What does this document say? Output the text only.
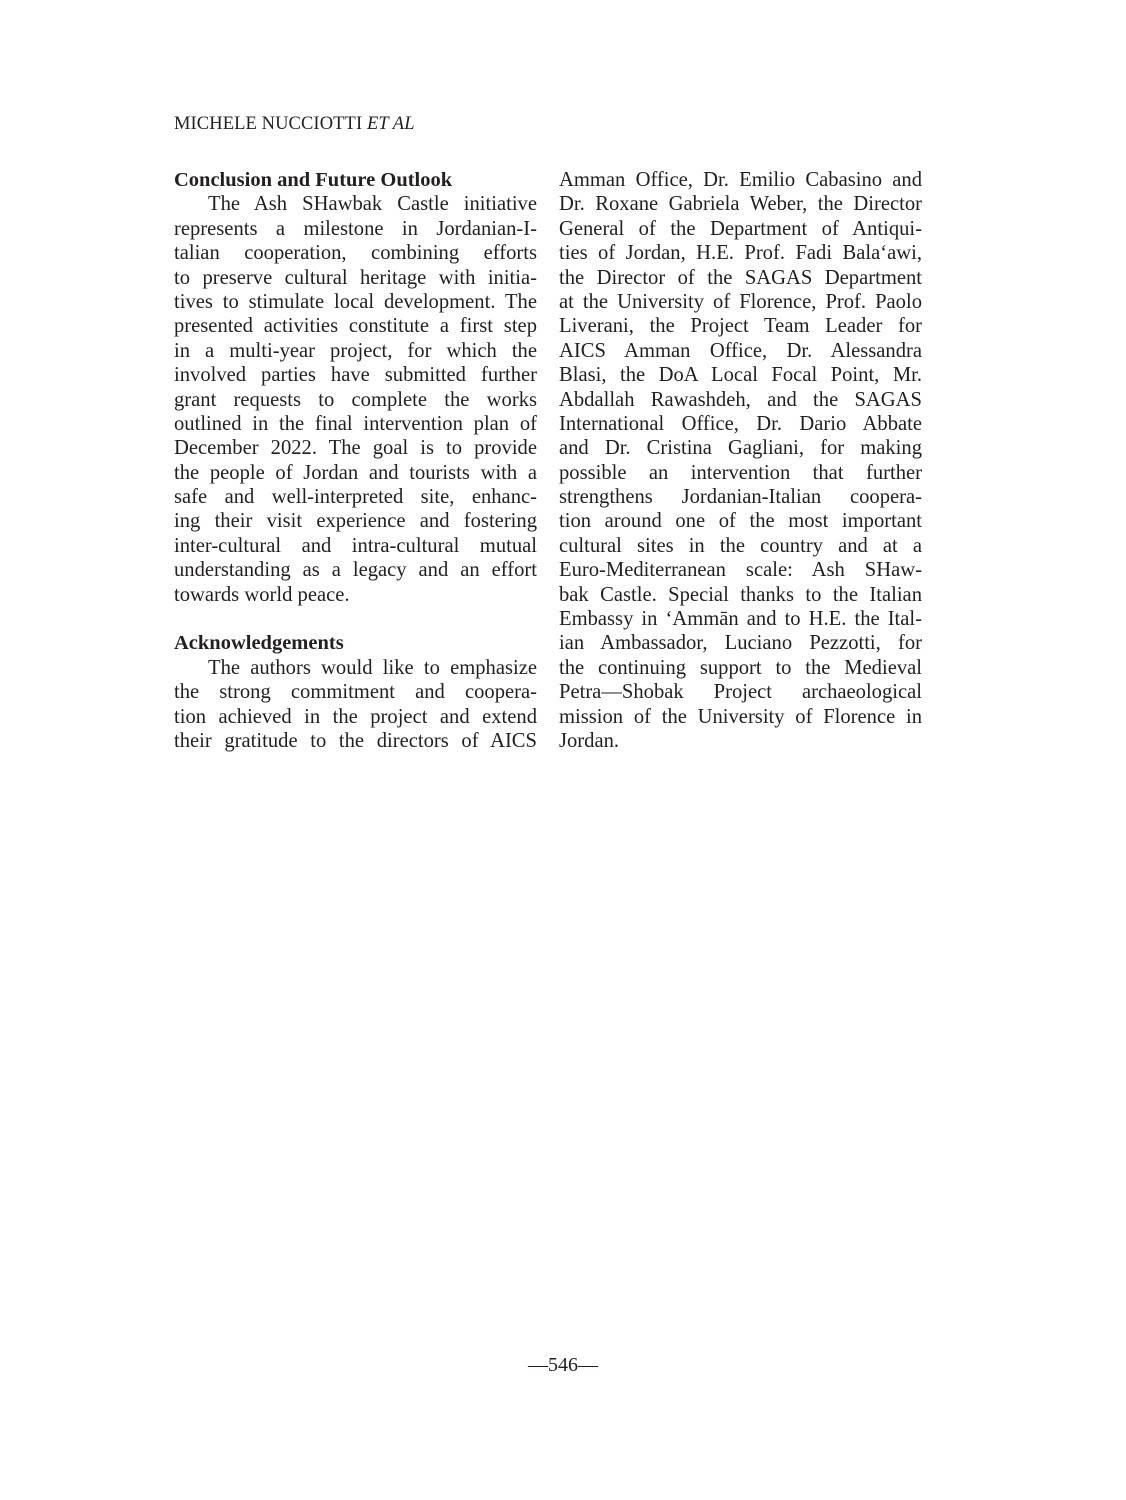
MICHELE NUCCIOTTI ET AL
Conclusion and Future Outlook
The Ash SHawbak Castle initiative
represents a milestone in Jordanian-I-
talian cooperation, combining efforts
to preserve cultural heritage with initia-
tives to stimulate local development. The
presented activities constitute a first step
in a multi-year project, for which the
involved parties have submitted further
grant requests to complete the works
outlined in the final intervention plan of
December 2022. The goal is to provide
the people of Jordan and tourists with a
safe and well-interpreted site, enhanc-
ing their visit experience and fostering
inter-cultural and intra-cultural mutual
understanding as a legacy and an effort
towards world peace.
Acknowledgements
The authors would like to emphasize
the strong commitment and coopera-
tion achieved in the project and extend
their gratitude to the directors of AICS
Amman Office, Dr. Emilio Cabasino and
Dr. Roxane Gabriela Weber, the Director
General of the Department of Antiqui-
ties of Jordan, H.E. Prof. Fadi Bala‘awi,
the Director of the SAGAS Department
at the University of Florence, Prof. Paolo
Liverani, the Project Team Leader for
AICS Amman Office, Dr. Alessandra
Blasi, the DoA Local Focal Point, Mr.
Abdallah Rawashdeh, and the SAGAS
International Office, Dr. Dario Abbate
and Dr. Cristina Gagliani, for making
possible an intervention that further
strengthens Jordanian-Italian coopera-
tion around one of the most important
cultural sites in the country and at a
Euro-Mediterranean scale: Ash SHaw-
bak Castle. Special thanks to the Italian
Embassy in ‘Ammān and to H.E. the Ital-
ian Ambassador, Luciano Pezzotti, for
the continuing support to the Medieval
Petra—Shobak Project archaeological
mission of the University of Florence in
Jordan.
—546—
